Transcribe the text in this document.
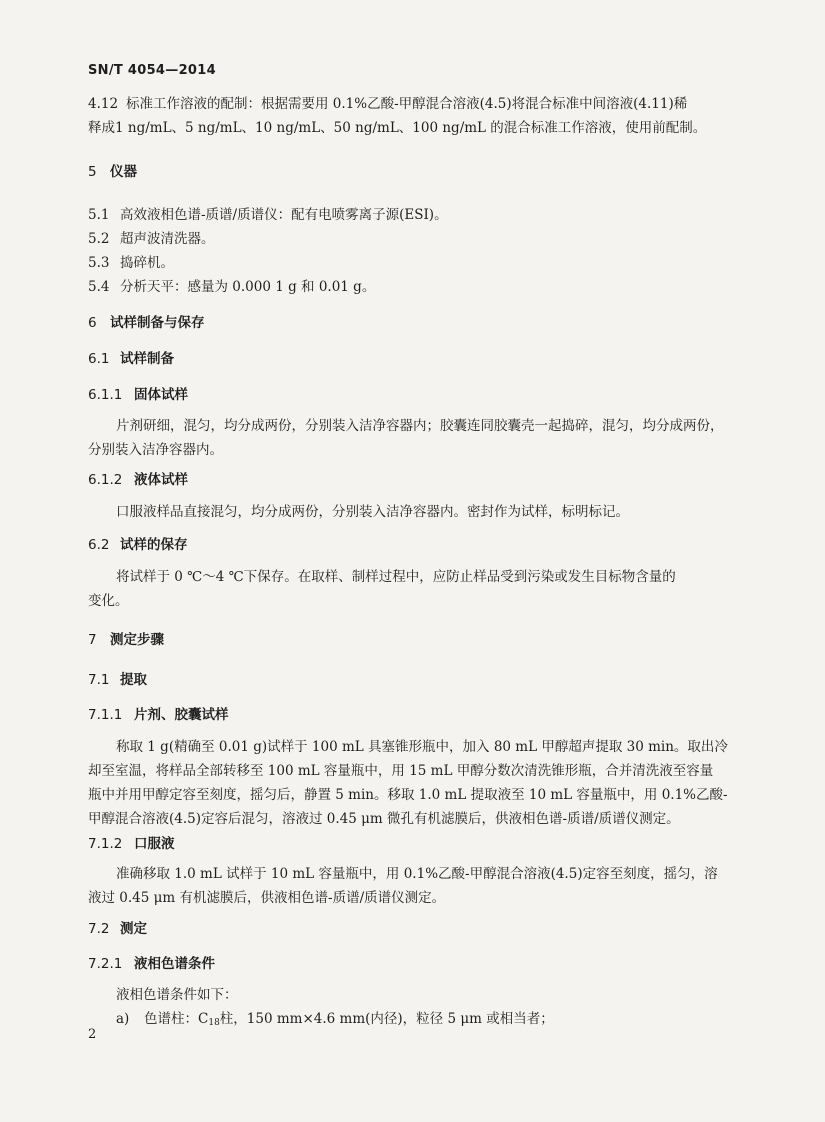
SN/T 4054—2014
4.12 标准工作溶液的配制：根据需要用 0.1%乙酸-甲醇混合溶液(4.5)将混合标准中间溶液(4.11)稀
释成1 ng/mL、5 ng/mL、10 ng/mL、50 ng/mL、100 ng/mL 的混合标准工作溶液，使用前配制。
5 仪器
5.1 高效液相色谱-质谱/质谱仪：配有电喷雾离子源(ESI)。
5.2 超声波清洗器。
5.3 捣碎机。
5.4 分析天平：感量为 0.000 1 g 和 0.01 g。
6 试样制备与保存
6.1 试样制备
6.1.1 固体试样
片剂研细，混匀，均分成两份，分别装入洁净容器内；胶囊连同胶囊壳一起捣碎，混匀，均分成两份，
分别装入洁净容器内。
6.1.2 液体试样
口服液样品直接混匀，均分成两份，分别装入洁净容器内。密封作为试样，标明标记。
6.2 试样的保存
将试样于 0 ℃～4 ℃下保存。在取样、制样过程中，应防止样品受到污染或发生目标物含量的
变化。
7 测定步骤
7.1 提取
7.1.1 片剂、胶囊试样
称取 1 g(精确至 0.01 g)试样于 100 mL 具塞锥形瓶中，加入 80 mL 甲醇超声提取 30 min。取出冷
却至室温，将样品全部转移至 100 mL 容量瓶中，用 15 mL 甲醇分数次清洗锥形瓶，合并清洗液至容量
瓶中并用甲醇定容至刻度，摇匀后，静置 5 min。移取 1.0 mL 提取液至 10 mL 容量瓶中，用 0.1%乙酸-
甲醇混合溶液(4.5)定容后混匀，溶液过 0.45 μm 微孔有机滤膜后，供液相色谱-质谱/质谱仪测定。
7.1.2 口服液
准确移取 1.0 mL 试样于 10 mL 容量瓶中，用 0.1%乙酸-甲醇混合溶液(4.5)定容至刻度，摇匀，溶
液过 0.45 μm 有机滤膜后，供液相色谱-质谱/质谱仪测定。
7.2 测定
7.2.1 液相色谱条件
液相色谱条件如下：
a) 色谱柱：$C_{18}$柱，150 mm×4.6 mm(内径)，粒径 5 μm 或相当者；
2
